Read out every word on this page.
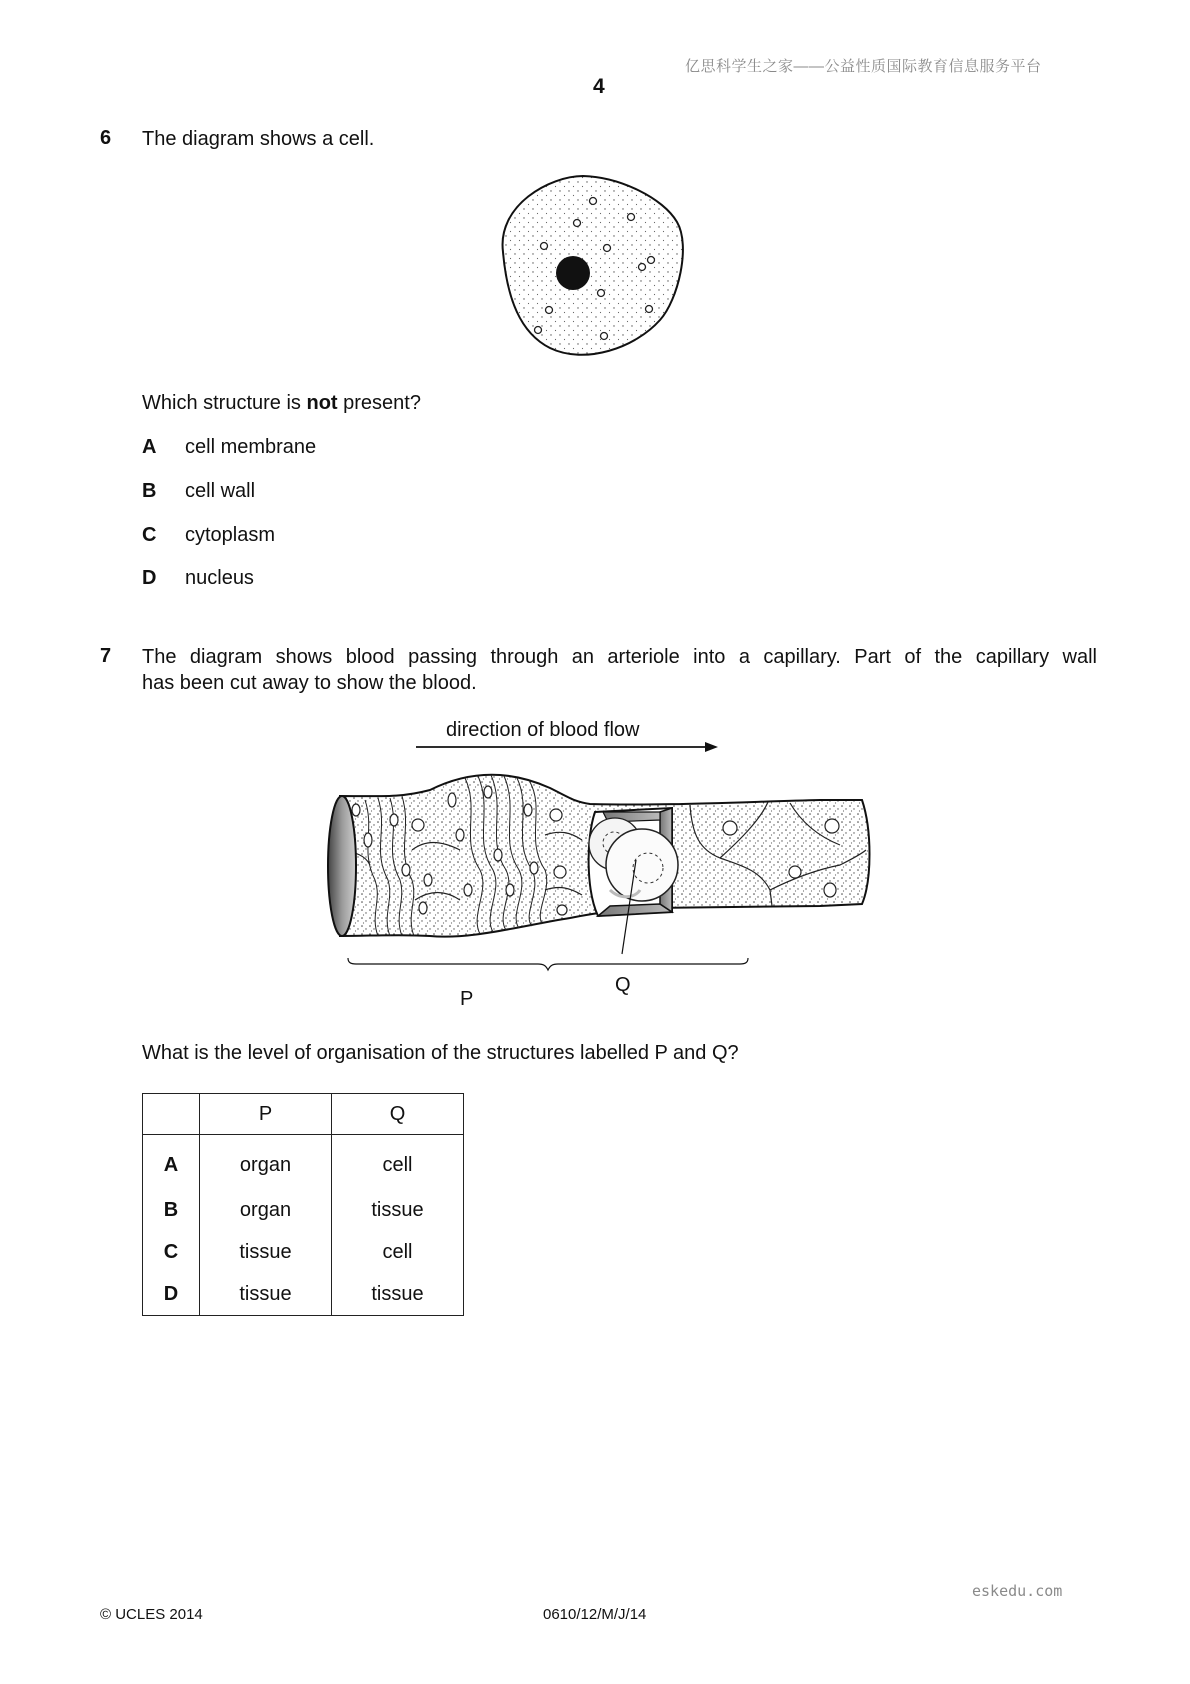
亿思科学生之家——公益性质国际教育信息服务平台
4
6 The diagram shows a cell.
Which structure is not present?
A cell membrane
B cell wall
C cytoplasm
D nucleus
7 The diagram shows blood passing through an arteriole into a capillary. Part of the capillary wall
has been cut away to show the blood.
direction of blood flow
P
Q
What is the level of organisation of the structures labelled P and Q?
	P	Q
A	organ	cell
B	organ	tissue
C	tissue	cell
D	tissue	tissue
eskedu.com
© UCLES 2014	0610/12/M/J/14
